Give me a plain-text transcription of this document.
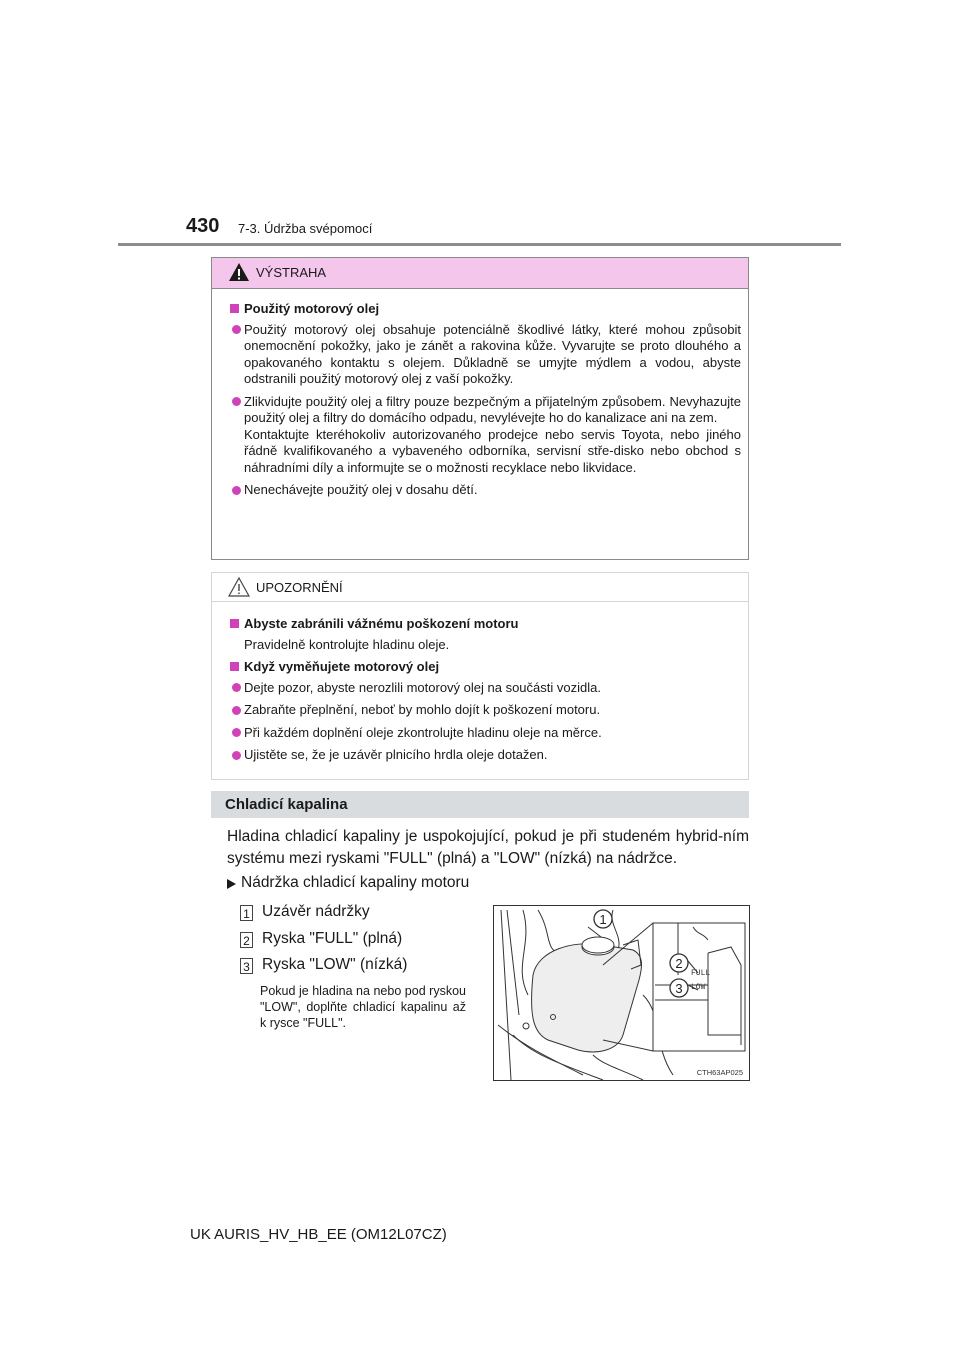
430 7-3. Údržba svépomocí
VÝSTRAHA
Použitý motorový olej
Použitý motorový olej obsahuje potenciálně škodlivé látky, které mohou způsobit onemocnění pokožky, jako je zánět a rakovina kůže. Vyvarujte se proto dlouhého a opakovaného kontaktu s olejem. Důkladně se umyjte mýdlem a vodou, abyste odstranili použitý motorový olej z vaší pokožky.
Zlikvidujte použitý olej a filtry pouze bezpečným a přijatelným způsobem. Nevyhazujte použitý olej a filtry do domácího odpadu, nevylévejte ho do kanalizace ani na zem.
Kontaktujte kteréhokoliv autorizovaného prodejce nebo servis Toyota, nebo jiného řádně kvalifikovaného a vybaveného odborníka, servisní stře-disko nebo obchod s náhradními díly a informujte se o možnosti recyklace nebo likvidace.
Nenechávejte použitý olej v dosahu dětí.
UPOZORNĚNÍ
Abyste zabránili vážnému poškození motoru
Pravidelně kontrolujte hladinu oleje.
Když vyměňujete motorový olej
Dejte pozor, abyste nerozlili motorový olej na součásti vozidla.
Zabraňte přeplnění, neboť by mohlo dojít k poškození motoru.
Při každém doplnění oleje zkontrolujte hladinu oleje na měrce.
Ujistěte se, že je uzávěr plnicího hrdla oleje dotažen.
Chladicí kapalina
Hladina chladicí kapaliny je uspokojující, pokud je při studeném hybrid-ním systému mezi ryskami "FULL" (plná) a "LOW" (nízká) na nádržce.
Nádržka chladicí kapaliny motoru
1 Uzávěr nádržky
2 Ryska "FULL" (plná)
3 Ryska "LOW" (nízká)
Pokud je hladina na nebo pod ryskou "LOW", doplňte chladicí kapalinu až k rysce "FULL".
1
2
3
FULL
LOW
CTH63AP025
UK AURIS_HV_HB_EE (OM12L07CZ)
